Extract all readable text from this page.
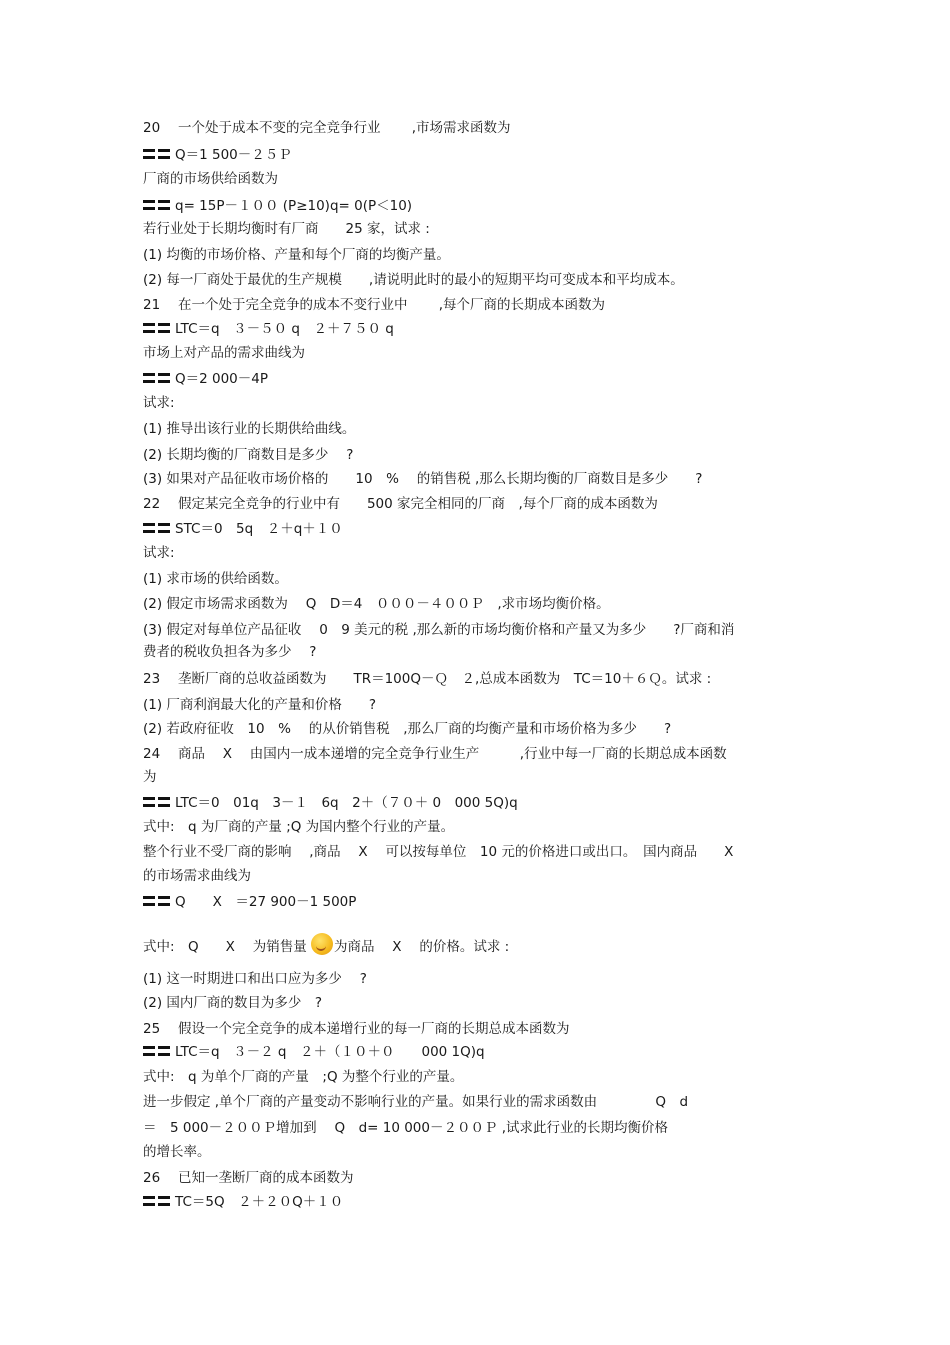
20　 一个处于成本不变的完全竞争行业　　 ,市场需求函数为
Q＝1 500－２５Ｐ
厂商的市场供给函数为
q= 15P－１００ (P≥10)q= 0(P＜10)
若行业处于长期均衡时有厂商　　25 家，试求 :
(1) 均衡的市场价格、产量和每个厂商的均衡产量。
(2) 每一厂商处于最优的生产规模　　,请说明此时的最小的短期平均可变成本和平均成本。
21　 在一个处于完全竞争的成本不变行业中　　 ,每个厂商的长期成本函数为
LTC＝q　３－５０ q　２＋７５０ q
市场上对产品的需求曲线为
Q＝2 000－4P
试求:
(1) 推导出该行业的长期供给曲线。
(2) 长期均衡的厂商数目是多少　 ?
(3) 如果对产品征收市场价格的　　10　% 　的销售税 ,那么长期均衡的厂商数目是多少　　?
22　 假定某完全竞争的行业中有　　500 家完全相同的厂商　,每个厂商的成本函数为
STC＝0　5q　２＋q＋１０
试求:
(1) 求市场的供给函数。
(2) 假定市场需求函数为　 Q　D＝4　０００－４００Ｐ　,求市场均衡价格。
(3) 假定对每单位产品征收　 0　9 美元的税 ,那么新的市场均衡价格和产量又为多少　　?厂商和消
费者的税收负担各为多少　 ?
23　 垄断厂商的总收益函数为　　TR＝100Q－Ｑ　２,总成本函数为　TC＝10＋６Ｑ。试求 :
(1) 厂商利润最大化的产量和价格　　?
(2) 若政府征收　10　% 　的从价销售税　,那么厂商的均衡产量和市场价格为多少　　?
24　 商品　 X　 由国内一成本递增的完全竞争行业生产　　　,行业中每一厂商的长期总成本函数
为
LTC＝0　01q　3－１　6q　2＋（７０＋ 0　000 5Q)q
式中:　q 为厂商的产量 ;Q 为国内整个行业的产量。
整个行业不受厂商的影响　 ,商品　 X　 可以按每单位　10 元的价格进口或出口。　国内商品　　X
的市场需求曲线为
Q　　X　＝27 900－1 500P
式中:　Q　　X　 为销售量 为商品　 X　 的价格。试求 :
(1) 这一时期进口和出口应为多少　 ?
(2) 国内厂商的数目为多少　?
25　 假设一个完全竞争的成本递增行业的每一厂商的长期总成本函数为
LTC＝q　３－２ q　２＋（１０＋０　　000 1Q)q
式中:　q 为单个厂商的产量　;Q 为整个行业的产量。
进一步假定 ,单个厂商的产量变动不影响行业的产量。如果行业的需求函数由　　　　 Q　d
＝　5 000－２００Ｐ增加到　 Q　d= 10 000－２００Ｐ ,试求此行业的长期均衡价格
的增长率。
26　 已知一垄断厂商的成本函数为
TC＝5Q　２＋２０Q＋１０
